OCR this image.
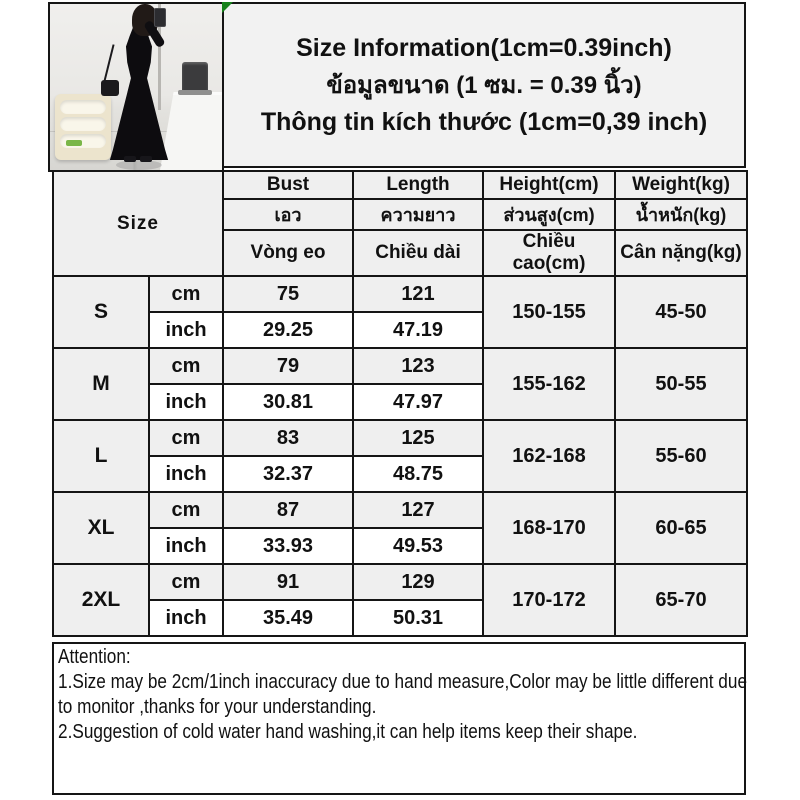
Size Information(1cm=0.39inch)
ข้อมูลขนาด (1 ซม. = 0.39 นิ้ว)
Thông tin kích thước (1cm=0,39 inch)
Size		Bust	Length	Height(cm)	Weight(kg)
		เอว	ความยาว	ส่วนสูง(cm)	น้ำหนัก(kg)
		Vòng eo	Chiều dài	Chiều cao(cm)	Cân nặng(kg)
S	cm	75	121	150-155	45-50
	inch	29.25	47.19		
M	cm	79	123	155-162	50-55
	inch	30.81	47.97		
L	cm	83	125	162-168	55-60
	inch	32.37	48.75		
XL	cm	87	127	168-170	60-65
	inch	33.93	49.53		
2XL	cm	91	129	170-172	65-70
	inch	35.49	50.31		
Attention:
1.Size may be 2cm/1inch inaccuracy due to hand measure,Color may be little different due to monitor ,thanks for your understanding.
2.Suggestion of cold water hand washing,it can help items keep their shape.
